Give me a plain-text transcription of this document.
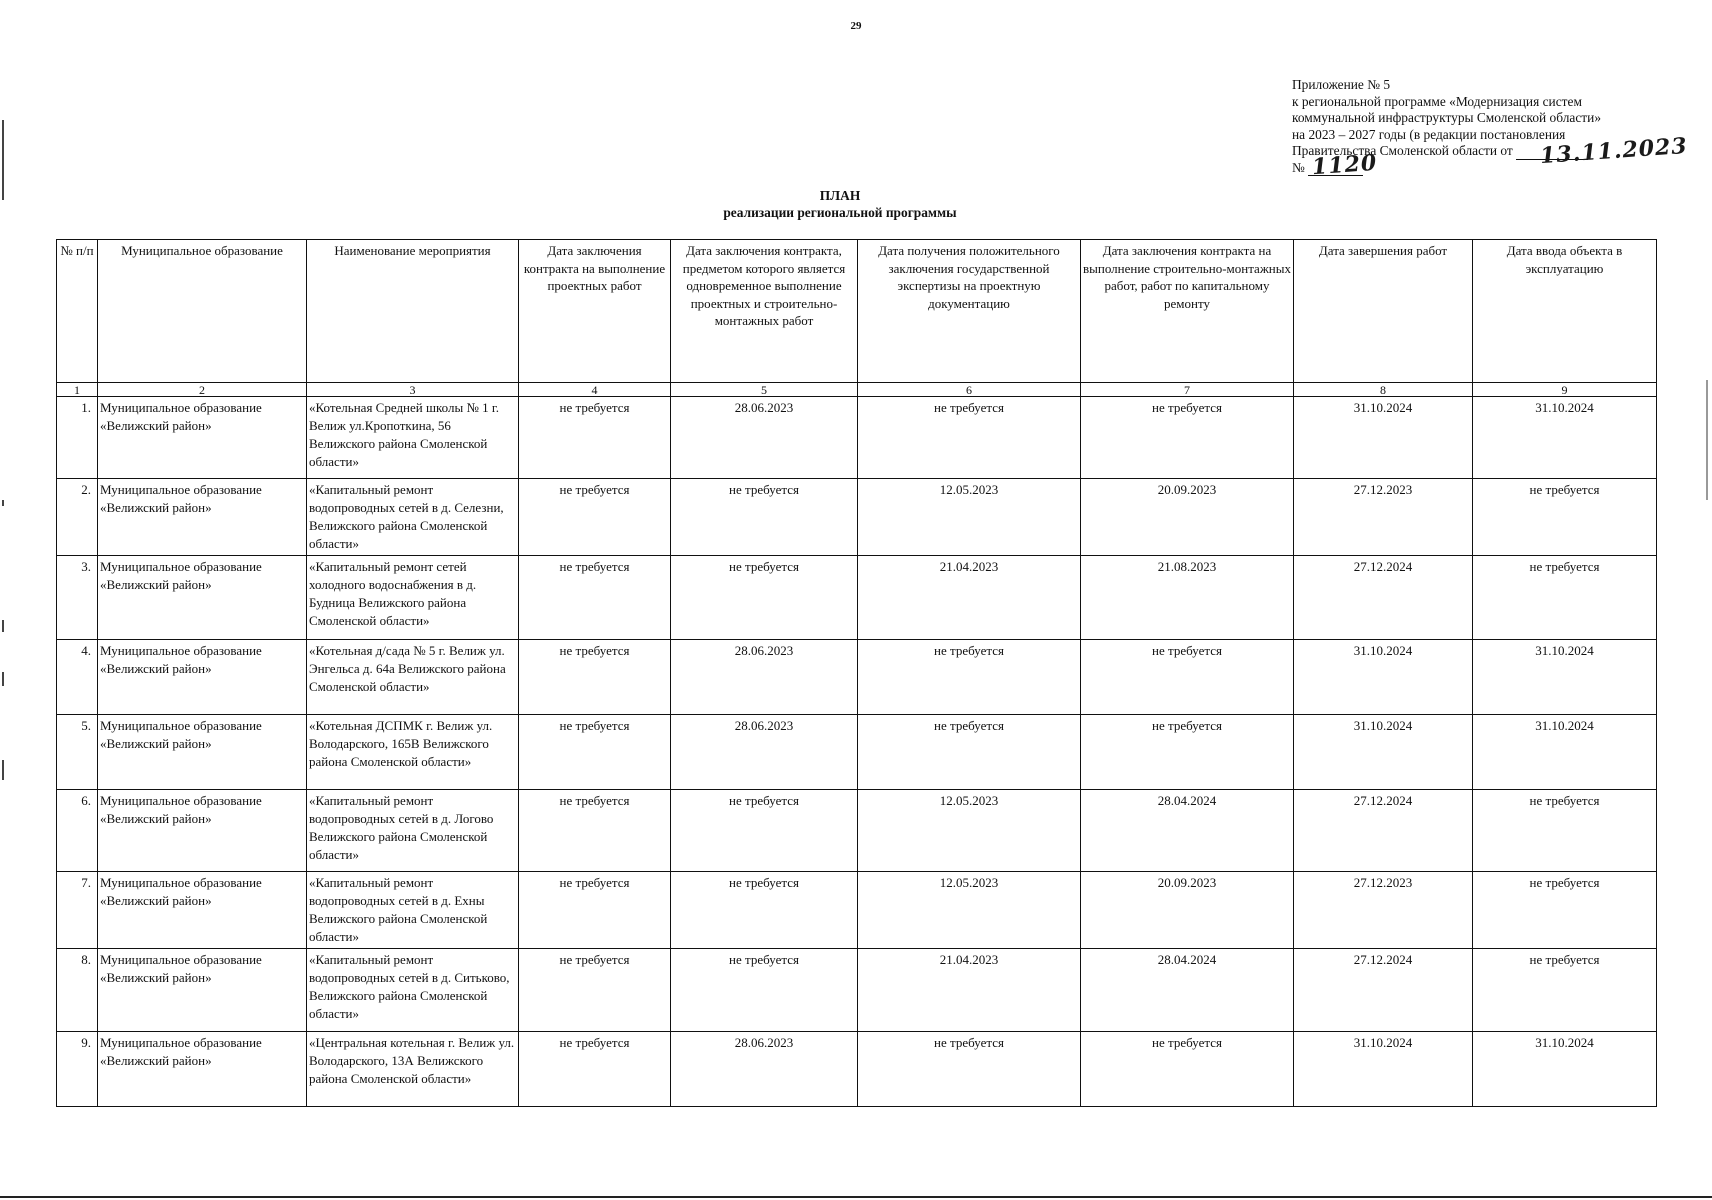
29
Приложение № 5
к региональной программе «Модернизация систем
коммунальной инфраструктуры Смоленской области»
на 2023 – 2027 годы (в редакции постановления
Правительства Смоленской области от
№	13.11.2023
1120
ПЛАН
реализации региональной программы
№ п/п	Муниципальное образование	Наименование мероприятия	Дата заключения контракта на выполнение проектных работ	Дата заключения контракта, предметом которого является одновременное выполнение проектных и строительно-монтажных работ	Дата получения положительного заключения государственной экспертизы на проектную документацию	Дата заключения контракта на выполнение строительно-монтажных работ, работ по капитальному ремонту	Дата завершения работ	Дата ввода объекта в эксплуатацию
1	2	3	4	5	6	7	8	9
1.	Муниципальное образование «Велижский район»	«Котельная Средней школы № 1 г. Велиж ул.Кропоткина, 56 Велижского района Смоленской области»	не требуется	28.06.2023	не требуется	не требуется	31.10.2024	31.10.2024
2.	Муниципальное образование «Велижский район»	«Капитальный ремонт водопроводных сетей в д. Селезни, Велижского района Смоленской области»	не требуется	не требуется	12.05.2023	20.09.2023	27.12.2023	не требуется
3.	Муниципальное образование «Велижский район»	«Капитальный ремонт сетей холодного водоснабжения в д. Будница Велижского района Смоленской области»	не требуется	не требуется	21.04.2023	21.08.2023	27.12.2024	не требуется
4.	Муниципальное образование «Велижский район»	«Котельная д/сада № 5 г. Велиж ул. Энгельса д. 64а Велижского района Смоленской области»	не требуется	28.06.2023	не требуется	не требуется	31.10.2024	31.10.2024
5.	Муниципальное образование «Велижский район»	«Котельная ДСПМК г. Велиж ул. Володарского, 165В Велижского района Смоленской области»	не требуется	28.06.2023	не требуется	не требуется	31.10.2024	31.10.2024
6.	Муниципальное образование «Велижский район»	«Капитальный ремонт водопроводных сетей в д. Логово Велижского района Смоленской области»	не требуется	не требуется	12.05.2023	28.04.2024	27.12.2024	не требуется
7.	Муниципальное образование «Велижский район»	«Капитальный ремонт водопроводных сетей в д. Ехны Велижского района Смоленской области»	не требуется	не требуется	12.05.2023	20.09.2023	27.12.2023	не требуется
8.	Муниципальное образование «Велижский район»	«Капитальный ремонт водопроводных сетей в д. Ситьково, Велижского района Смоленской области»	не требуется	не требуется	21.04.2023	28.04.2024	27.12.2024	не требуется
9.	Муниципальное образование «Велижский район»	«Центральная котельная г. Велиж ул. Володарского, 13А Велижского района Смоленской области»	не требуется	28.06.2023	не требуется	не требуется	31.10.2024	31.10.2024
